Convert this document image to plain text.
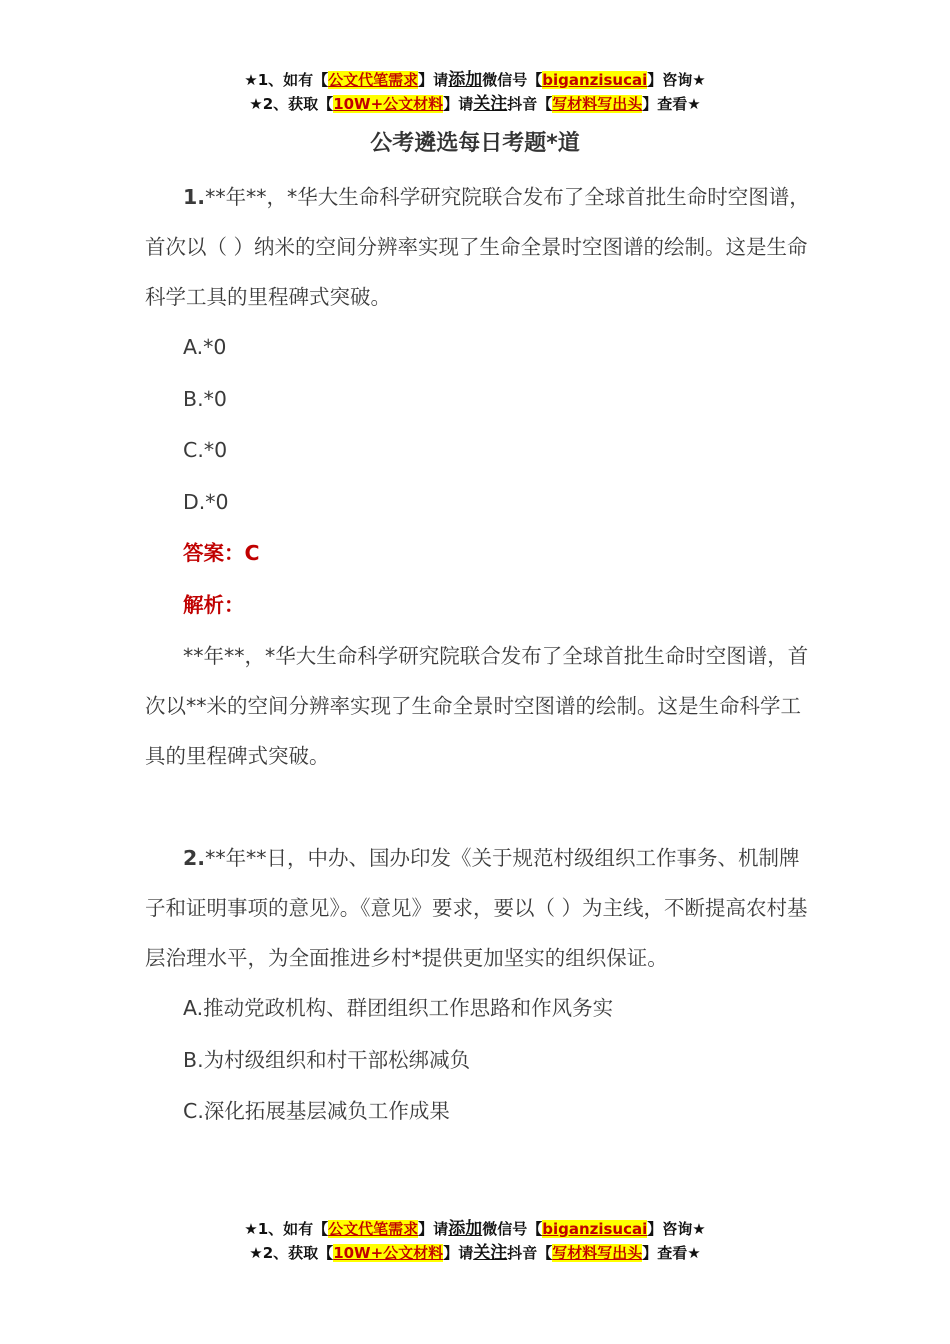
★1、如有【公文代笔需求】请添加微信号【biganzisucai】咨询★
★2、获取【10W+公文材料】请关注抖音【写材料写出头】查看★
公考遴选每日考题*道

1.**年**，*华大生命科学研究院联合发布了全球首批生命时空图谱，首次以（ ）纳米的空间分辨率实现了生命全景时空图谱的绘制。这是生命科学工具的里程碑式突破。

A.*0

B.*0

C.*0

D.*0

答案：C

解析：

**年**，*华大生命科学研究院联合发布了全球首批生命时空图谱，首次以**米的空间分辨率实现了生命全景时空图谱的绘制。这是生命科学工具的里程碑式突破。

2.**年**日，中办、国办印发《关于规范村级组织工作事务、机制牌子和证明事项的意见》。《意见》要求，要以（ ）为主线，不断提高农村基层治理水平，为全面推进乡村*提供更加坚实的组织保证。

A.推动党政机构、群团组织工作思路和作风务实

B.为村级组织和村干部松绑减负

C.深化拓展基层减负工作成果

★1、如有【公文代笔需求】请添加微信号【biganzisucai】咨询★
★2、获取【10W+公文材料】请关注抖音【写材料写出头】查看★
